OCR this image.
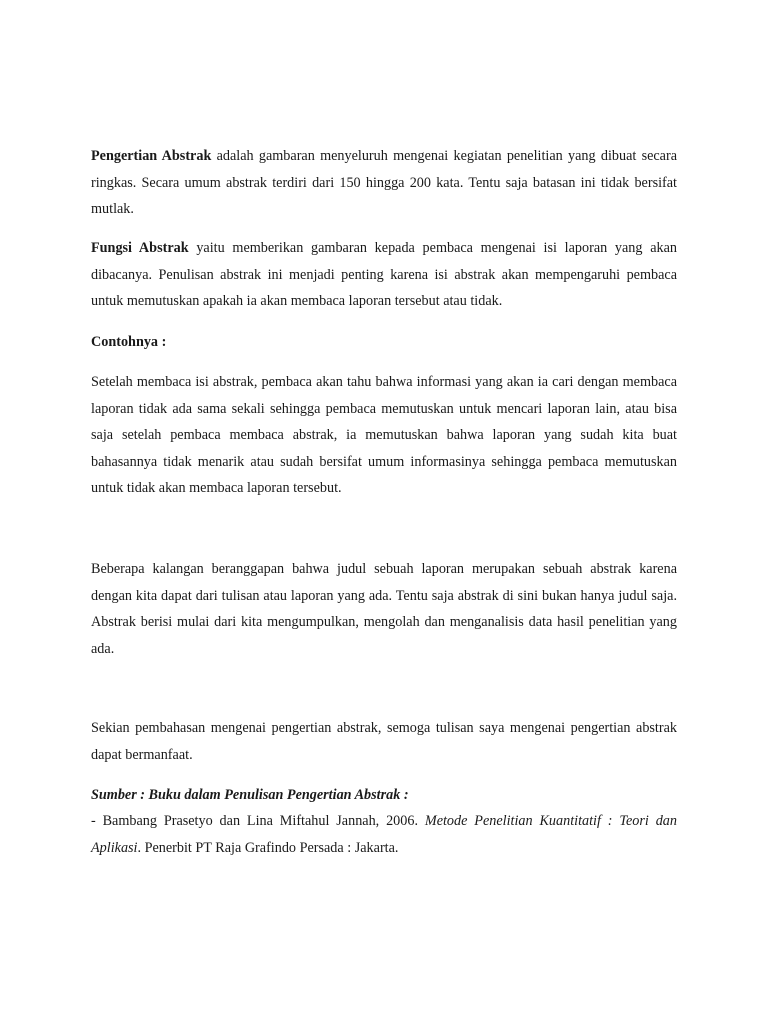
Pengertian Abstrak adalah gambaran menyeluruh mengenai kegiatan penelitian yang dibuat secara ringkas. Secara umum abstrak terdiri dari 150 hingga 200 kata. Tentu saja batasan ini tidak bersifat mutlak.

Fungsi Abstrak yaitu memberikan gambaran kepada pembaca mengenai isi laporan yang akan dibacanya. Penulisan abstrak ini menjadi penting karena isi abstrak akan mempengaruhi pembaca untuk memutuskan apakah ia akan membaca laporan tersebut atau tidak.

Contohnya :

Setelah membaca isi abstrak, pembaca akan tahu bahwa informasi yang akan ia cari dengan membaca laporan tidak ada sama sekali sehingga pembaca memutuskan untuk mencari laporan lain, atau bisa saja setelah pembaca membaca abstrak, ia memutuskan bahwa laporan yang sudah kita buat bahasannya tidak menarik atau sudah bersifat umum informasinya sehingga pembaca memutuskan untuk tidak akan membaca laporan tersebut.

Beberapa kalangan beranggapan bahwa judul sebuah laporan merupakan sebuah abstrak karena dengan kita dapat dari tulisan atau laporan yang ada. Tentu saja abstrak di sini bukan hanya judul saja. Abstrak berisi mulai dari kita mengumpulkan, mengolah dan menganalisis data hasil penelitian yang ada.

Sekian pembahasan mengenai pengertian abstrak, semoga tulisan saya mengenai pengertian abstrak dapat bermanfaat.

Sumber : Buku dalam Penulisan Pengertian Abstrak :

- Bambang Prasetyo dan Lina Miftahul Jannah, 2006. Metode Penelitian Kuantitatif : Teori dan Aplikasi. Penerbit PT Raja Grafindo Persada : Jakarta.
